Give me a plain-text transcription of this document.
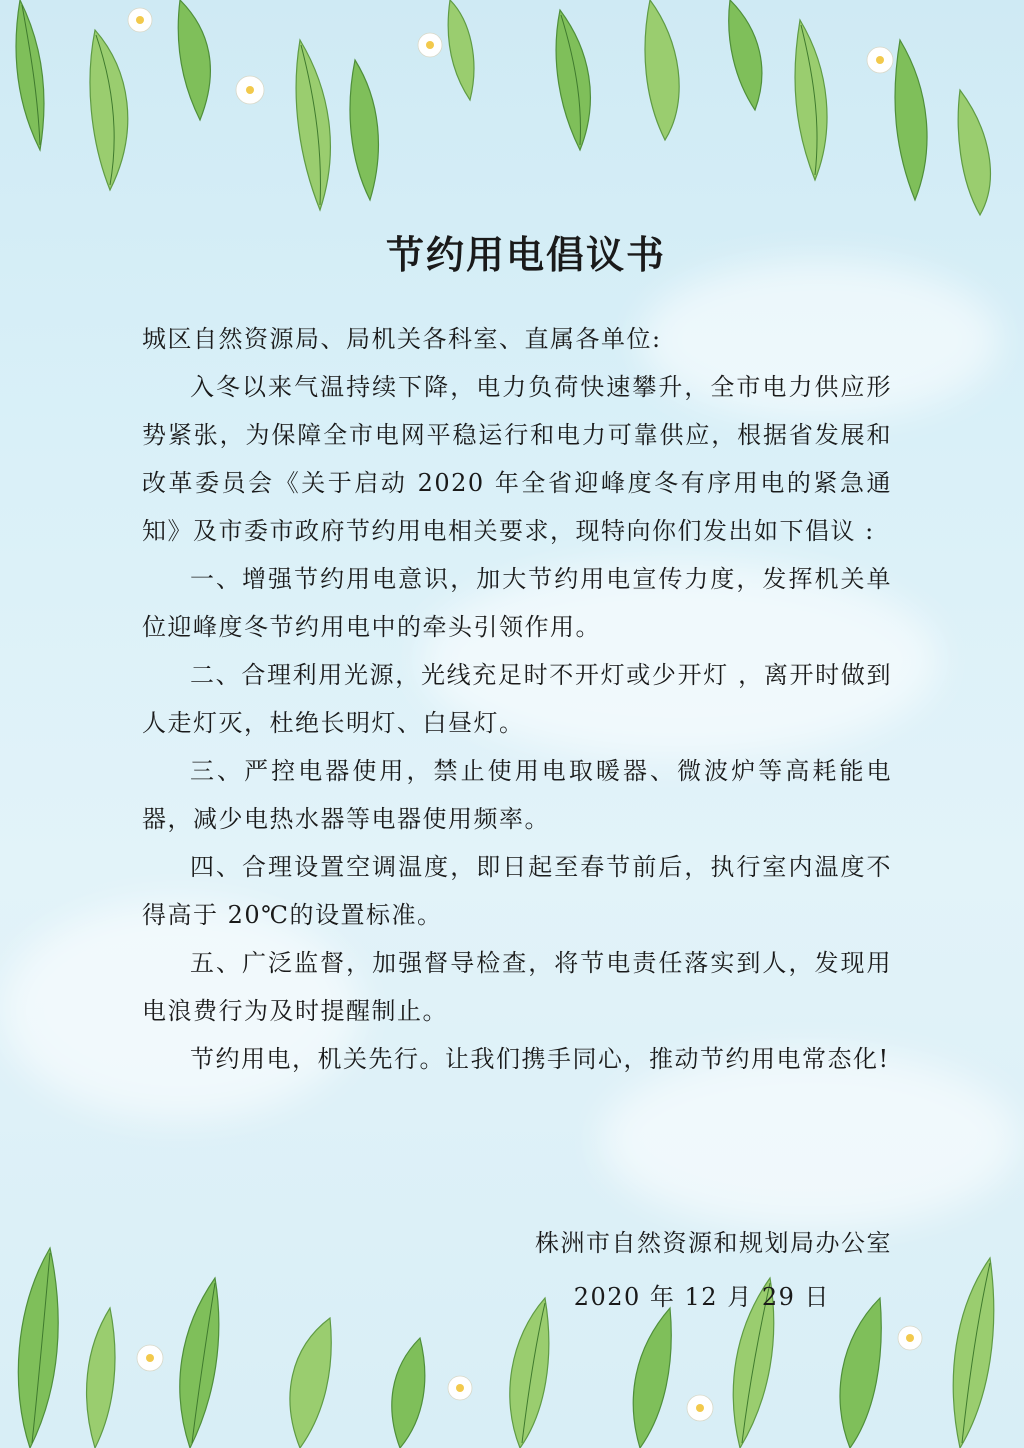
节约用电倡议书

城区自然资源局、局机关各科室、直属各单位:

入冬以来气温持续下降，电力负荷快速攀升，全市电力供应形势紧张，为保障全市电网平稳运行和电力可靠供应，根据省发展和改革委员会《关于启动 2020 年全省迎峰度冬有序用电的紧急通知》及市委市政府节约用电相关要求，现特向你们发出如下倡议 :

一、增强节约用电意识，加大节约用电宣传力度，发挥机关单位迎峰度冬节约用电中的牵头引领作用。

二、合理利用光源，光线充足时不开灯或少开灯 ，离开时做到人走灯灭，杜绝长明灯、白昼灯。

三、严控电器使用，禁止使用电取暖器、微波炉等高耗能电器，减少电热水器等电器使用频率。

四、合理设置空调温度，即日起至春节前后，执行室内温度不得高于 20℃的设置标准。

五、广泛监督，加强督导检查，将节电责任落实到人，发现用电浪费行为及时提醒制止。

节约用电，机关先行。让我们携手同心，推动节约用电常态化!

株洲市自然资源和规划局办公室
2020 年 12 月 29 日
